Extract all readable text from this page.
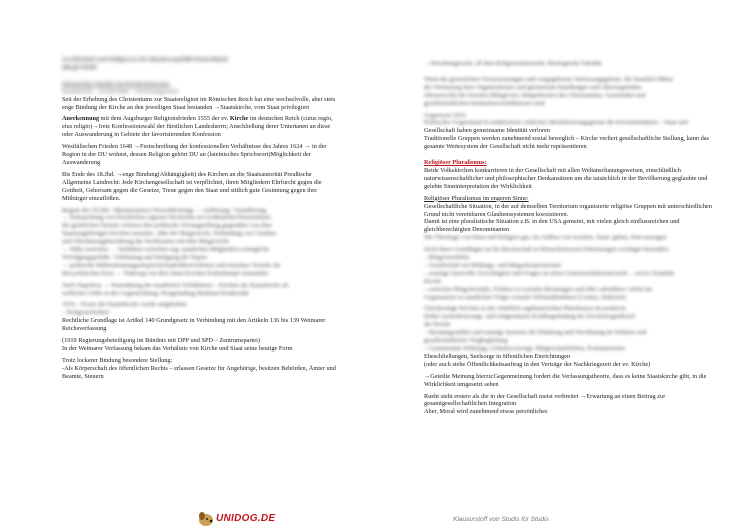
Gesellschaft und Religion in der Bundesrepublik Deutschland

(Birgit Pfaff)

Historischer Wandel von Kirche/Staat usw.

Staatskirche – Konkordate – Verfassungsrecht

Seit der Erhebung des Christentums zur Staatsreligion im Römischen Reich hat eine wechselvolle, aber stets enge Bindung der Kirche an den jeweiligen Staat bestanden →Staatskirche, vom Staat privilegiert

Anerkennung mit dem Augsburger Religionsfrieden 1555 der ev. Kirche im deutschen Reich (cuius regio, eius religio)→freie Konfessionswahl der fürstlichen Landesherrn; Anschließung derer Untertanen an diese oder Auswanderung in Gebiete der favorisierenden Konfession

Westfälischen Frieden 1648 →Festschreibung der konfessionellen Verhältnisse des Jahres 1624 → in der Region in der DU wohnst, dessen Religion gehört DU an (lateinisches Sprichwort)Möglichkeit der Auswanderung

Bis Ende des 18.Jhd. →enge Bindung(Abhängigkeit) des Kirchen an die Staatsautorität Preußische Allgemeine Landrecht: Jede Kirchengesellschaft ist verpflichtet, ihren Mitgliedern Ehrfurcht gegen die Gottheit, Gehorsam gegen die Gesetze, Treue gegen den Staat und sittlich gute Gesinnung gegen ihre Mitbürger einzuflößen.

Beginn des 19.Jhd.: Säkularisation (Verweltlichung) → Auflösung / Veräußerung

→ Entmachtung von Kirchlichen eigenen Territorien an Großmächte/Fürstentümer.

die geistlichen Fürsten verloren ihre politische Vorrangstellung gegenüber von dem

Staatsangehörigen Kirchen zeuunter.. Idee der Bürgerrecht, Verbindung von Glauben

und Offenbarungsbeziehung der Nordstaaten mit dem Bürgerrecht

→ Nähe zwischen … Verhältnis zwischen sog. staatlichen Mitgliedern ermöglicht

Verfolgungspolitik / Ablehnung und Drängung der Papste

→ politische Mitbestimmungsansprüche/katholikenverboten und einzelner Vorteile für

den politischen Kurs → Nahrung von dem Staat-Kirchen Kulturkampf entstanden

Nach Napoleon → Neuordnung der staatlichen Verhältnisse – Kirchen als Staatskirche als

weltliche Größe in der Gegenrichtung; Neugründung Bistümer/Konkordat

1919 – Ersatz der Staatskirche wurde aufgehoben

– Religionsfreiheit

Rechtliche Grundlage ist Artikel 140 Grundgesetz in Verbindung mit den Artikeln 136 bis 139 Weimarer Reichsverfassung

(1919 Regierungsbeteiligung im Bündnis mit DPP und SPD – Zentrumspartei)

In der Weimarer Verfassung bekam das Verhältnis von Kirche und Staat seine heutige Form

Trotz lockerer Bindung besondere Stellung:

-Als Körperschaft des öffentlichen Rechts – erlassen Gesetze für Angehörige, besitzen Behörden, Ämter und Beamte, Steuern

→Weichtungsrecht, all dem Religionsunterricht, theologische Fakultät

Wenn die gesetzlichen Voraussetzungen und vorgegebenen Verfassungsgebote, die Staatlich fühlen

der Verfassung ihrer Organisationen und gesteuerten Handlungen und Aktionsgründen

(Steuerrecht) der Kirchen (Bürgerwer, Bürgerkirche) des Christentums, Gemeinden und

gesellschaftlichen Institutionsverhältnissen sind

Gegenwart 2014

Politischer Gegenstand in tendenziöser zeitlicher Identifizierungsgrenze die Kirchenfunktion – Staat und

Gesellschaft haben gemeinsame Identität verloren

Traditionelle Gruppen werden zunehmend sozial beweglich – Kirche verliert gesellschaftliche Stellung, kann das gesamte Wertesystem der Gesellschaft nicht mehr repräsentieren

Religiöser Pluralismus:

Beide Volkskirchen konkurrieren in der Gesellschaft mit allen Weltanschauungsweisen, einschließlich naturwissenschaftlicher und philosophischer Denkansätzen um die tatsächlich in der Bevölkerung geglaubte und gelebte Sinninterpretation der Wirklichkeit

Religiöser Pluralismus im engeren Sinne:

Gesellschaftliche Situation, in der auf demselben Territorium organisierte religiöse Gruppen mit unterschiedlichen Grund nicht vereinbaren Glaubenssystemen koexistieren.

Damit ist eine pluralistische Situation z.B. in den USA gemeint, mit vielen gleich einflussreichen und gleichberechtigten Denominanten

Die Theologie von Staat und Religion gar, ein Aufbau von sozialen, Staat- geben, Sinn aussagen

Doch diese Grundlagen ist für Bereitschaft in Menschenwesen Erkennungen wichtiger besonders

– Bürgerwertlehre

– Gesellschaft auf Bildungs- und Bürgerkorporationen

– sonstige Sinnvolle Gerechtigkeit und Fragen an einen Gemeinschaftsunterricht ... sowie Zustände

Kirche

– zwischen Bürgerkontakt, Fördern zu sozialen Beratungen und aller subsidiärer Arbeit im

Gegensatzen zu staatlichen Träger sozialer Hilfsmaßnahmen (Caritas, Diakonie)

Gleichzeitige Kirchen in der erheblich ergebnisreichen Pluralismus im positiven

(höher neutralisierungs- und zeitgemässen Kraftbegründung der Kirchenregenbruch

der Kirche

– Beratungsstellen und sonstige Systeme für Erhaltung und Versöhnung im Wohnen und

gesellschaftlicher Wegbegleitung

– Gemeinsame Wirkungs, Geburtsvorsorge, Bürgerschaftsleben, Kommunionen

Eheschließungen, Seelsorge in öffentlichen Einrichtungen

(oder auch siehe Öffentlichkeitsauftrag in den Verträge der Nachkriegszeit der ev. Kirche)

→Geteilte Meinung hierzu:Gegenmeinung fordert die Verfassungstheorie, dass es keine Staatskirche gibt, in die Wirklichkeit umgesetzt sehen

Rueht sieht erstere als die in der Gesellschaft meist verbreitet →Erwartung an einen Beitrag zur gesamtgesellschaftlichen Integration

Aber, Moral wird zunehmend etwas persönliches

UNIDOG.DE	Klausurstoff von Studis für Studis
